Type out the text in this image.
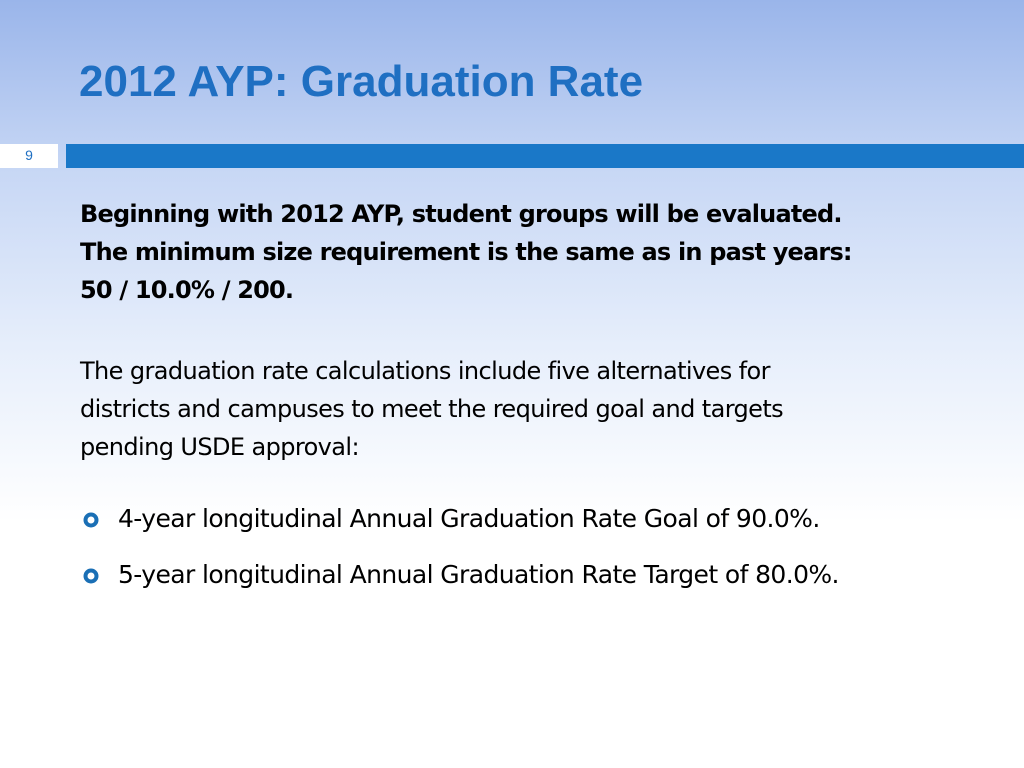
2012 AYP: Graduation Rate
9

Beginning with 2012 AYP, student groups will be evaluated.
The minimum size requirement is the same as in past years:
50 / 10.0% / 200.

The graduation rate calculations include five alternatives for
districts and campuses to meet the required goal and targets
pending USDE approval:

4-year longitudinal Annual Graduation Rate Goal of 90.0%.
5-year longitudinal Annual Graduation Rate Target of 80.0%.
